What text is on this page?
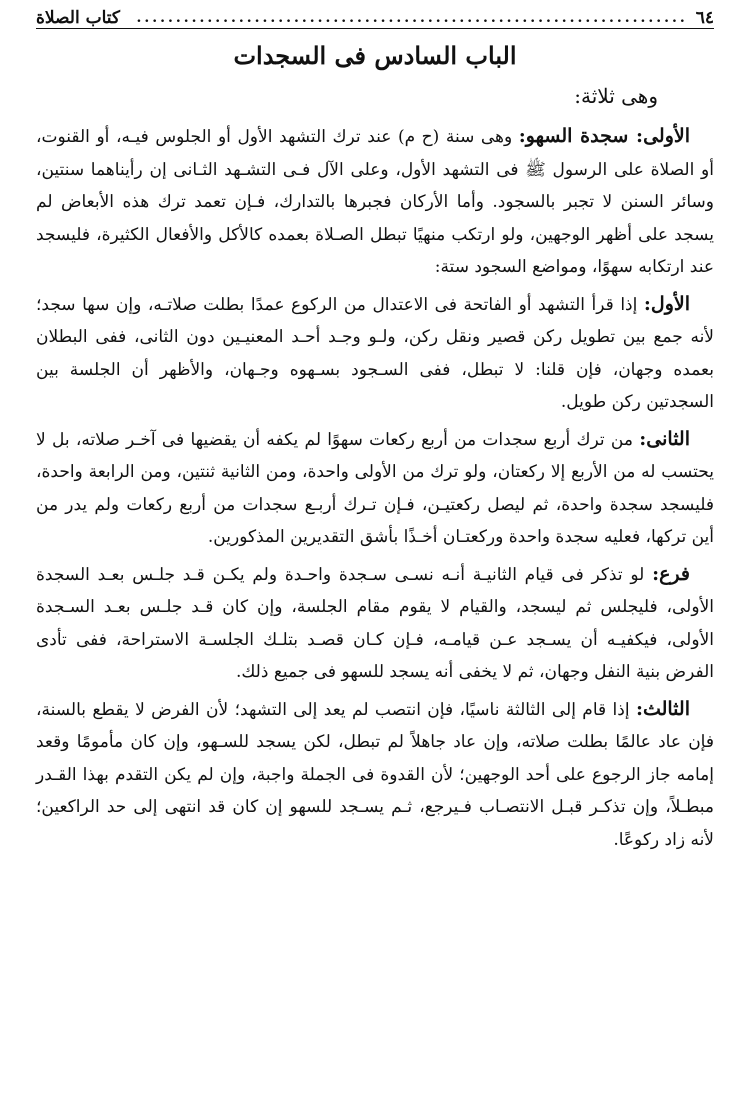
٦٤
......................................................................
كتاب الصلاة
الباب السادس فى السجدات
وهى ثلاثة:

الأولى: سجدة السهو: وهى سنة (ح م) عند ترك التشهد الأول أو الجلوس فيـه، أو القنوت، أو الصلاة على الرسول ﷺ فى التشهد الأول، وعلى الآل فـى التشـهد الثـانى إن رأيناهما سنتين، وسائر السنن لا تجبر بالسجود. وأما الأركان فجبرها بالتدارك، فـإن تعمد ترك هذه الأبعاض لم يسجد على أظهر الوجهين، ولو ارتكب منهيًا تبطل الصـلاة بعمده كالأكل والأفعال الكثيرة، فليسجد عند ارتكابه سهوًا، ومواضع السجود ستة:

الأول: إذا قرأ التشهد أو الفاتحة فى الاعتدال من الركوع عمدًا بطلت صلاتـه، وإن سها سجد؛ لأنه جمع بين تطويل ركن قصير ونقل ركن، ولـو وجـد أحـد المعنيـين دون الثانى، ففى البطلان بعمده وجهان، فإن قلنا: لا تبطل، ففى السـجود بسـهوه وجـهان، والأظهر أن الجلسة بين السجدتين ركن طويل.

الثانى: من ترك أربع سجدات من أربع ركعات سهوًا لم يكفه أن يقضيها فى آخـر صلاته، بل لا يحتسب له من الأربع إلا ركعتان، ولو ترك من الأولى واحدة، ومن الثانية ثنتين، ومن الرابعة واحدة، فليسجد سجدة واحدة، ثم ليصل ركعتيـن، فـإن تـرك أربـع سجدات من أربع ركعات ولم يدر من أين تركها، فعليه سجدة واحدة وركعتـان أخـذًا بأشق التقديرين المذكورين.

فرع: لو تذكر فى قيام الثانيـة أنـه نسـى سـجدة واحـدة ولم يكـن قـد جلـس بعـد السجدة الأولى، فليجلس ثم ليسجد، والقيام لا يقوم مقام الجلسة، وإن كان قـد جلـس بعـد السـجدة الأولى، فيكفيـه أن يسـجد عـن قيامـه، فـإن كـان قصـد بتلـك الجلسـة الاستراحة، ففى تأدى الفرض بنية النفل وجهان، ثم لا يخفى أنه يسجد للسهو فى جميع ذلك.

الثالث: إذا قام إلى الثالثة ناسيًا، فإن انتصب لم يعد إلى التشهد؛ لأن الفرض لا يقطع بالسنة، فإن عاد عالمًا بطلت صلاته، وإن عاد جاهلاً لم تبطل، لكن يسجد للسـهو، وإن كان مأمومًا وقعد إمامه جاز الرجوع على أحد الوجهين؛ لأن القدوة فى الجملة واجبة، وإن لم يكن التقدم بهذا القـدر مبطـلاً، وإن تذكـر قبـل الانتصـاب فـيرجع، ثـم يسـجد للسهو إن كان قد انتهى إلى حد الراكعين؛ لأنه زاد ركوعًا.
